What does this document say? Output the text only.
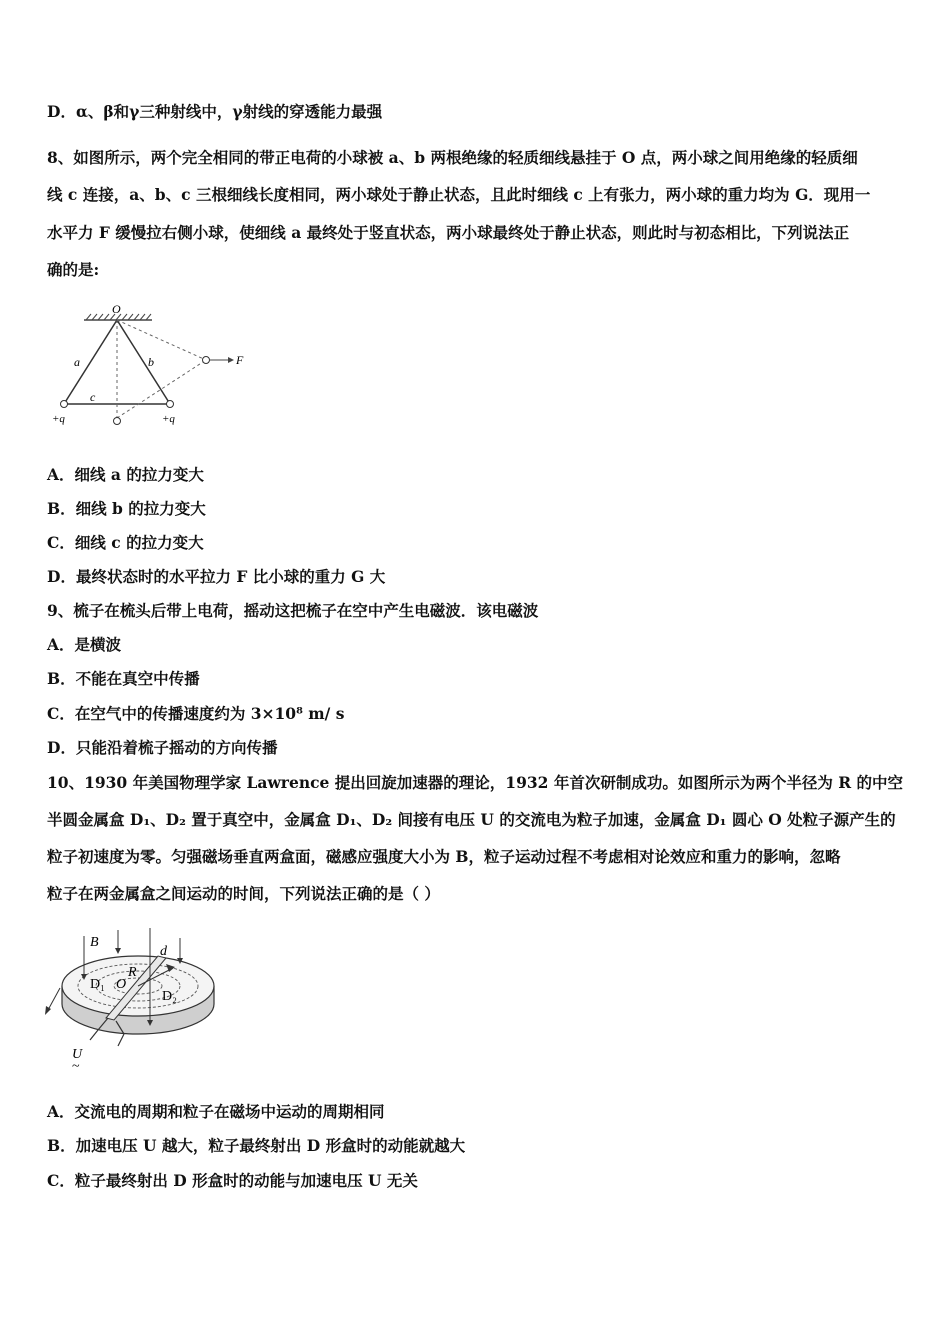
D．α、β和γ三种射线中，γ射线的穿透能力最强
8、如图所示，两个完全相同的带正电荷的小球被 a、b 两根绝缘的轻质细线悬挂于 O 点，两小球之间用绝缘的轻质细
线 c 连接，a、b、c 三根细线长度相同，两小球处于静止状态，且此时细线 c 上有张力，两小球的重力均为 G．现用一
水平力 F 缓慢拉右侧小球，使细线 a 最终处于竖直状态，两小球最终处于静止状态，则此时与初态相比，下列说法正
确的是:
O
a	b
c
F
+q	+q
A．细线 a 的拉力变大
B．细线 b 的拉力变大
C．细线 c 的拉力变大
D．最终状态时的水平拉力 F 比小球的重力 G 大
9、梳子在梳头后带上电荷，摇动这把梳子在空中产生电磁波．该电磁波
A．是横波
B．不能在真空中传播
C．在空气中的传播速度约为 3×10⁸ m/ s
D．只能沿着梳子摇动的方向传播
10、1930 年美国物理学家 Lawrence 提出回旋加速器的理论，1932 年首次研制成功。如图所示为两个半径为 R 的中空
半圆金属盒 D₁、D₂ 置于真空中，金属盒 D₁、D₂ 间接有电压 U 的交流电为粒子加速，金属盒 D₁ 圆心 O 处粒子源产生的
粒子初速度为零。匀强磁场垂直两盒面，磁感应强度大小为 B，粒子运动过程不考虑相对论效应和重力的影响，忽略
粒子在两金属盒之间运动的时间，下列说法正确的是（ ）
B
d
R
O
D₁
D₂
U
~
A．交流电的周期和粒子在磁场中运动的周期相同
B．加速电压 U 越大，粒子最终射出 D 形盒时的动能就越大
C．粒子最终射出 D 形盒时的动能与加速电压 U 无关
